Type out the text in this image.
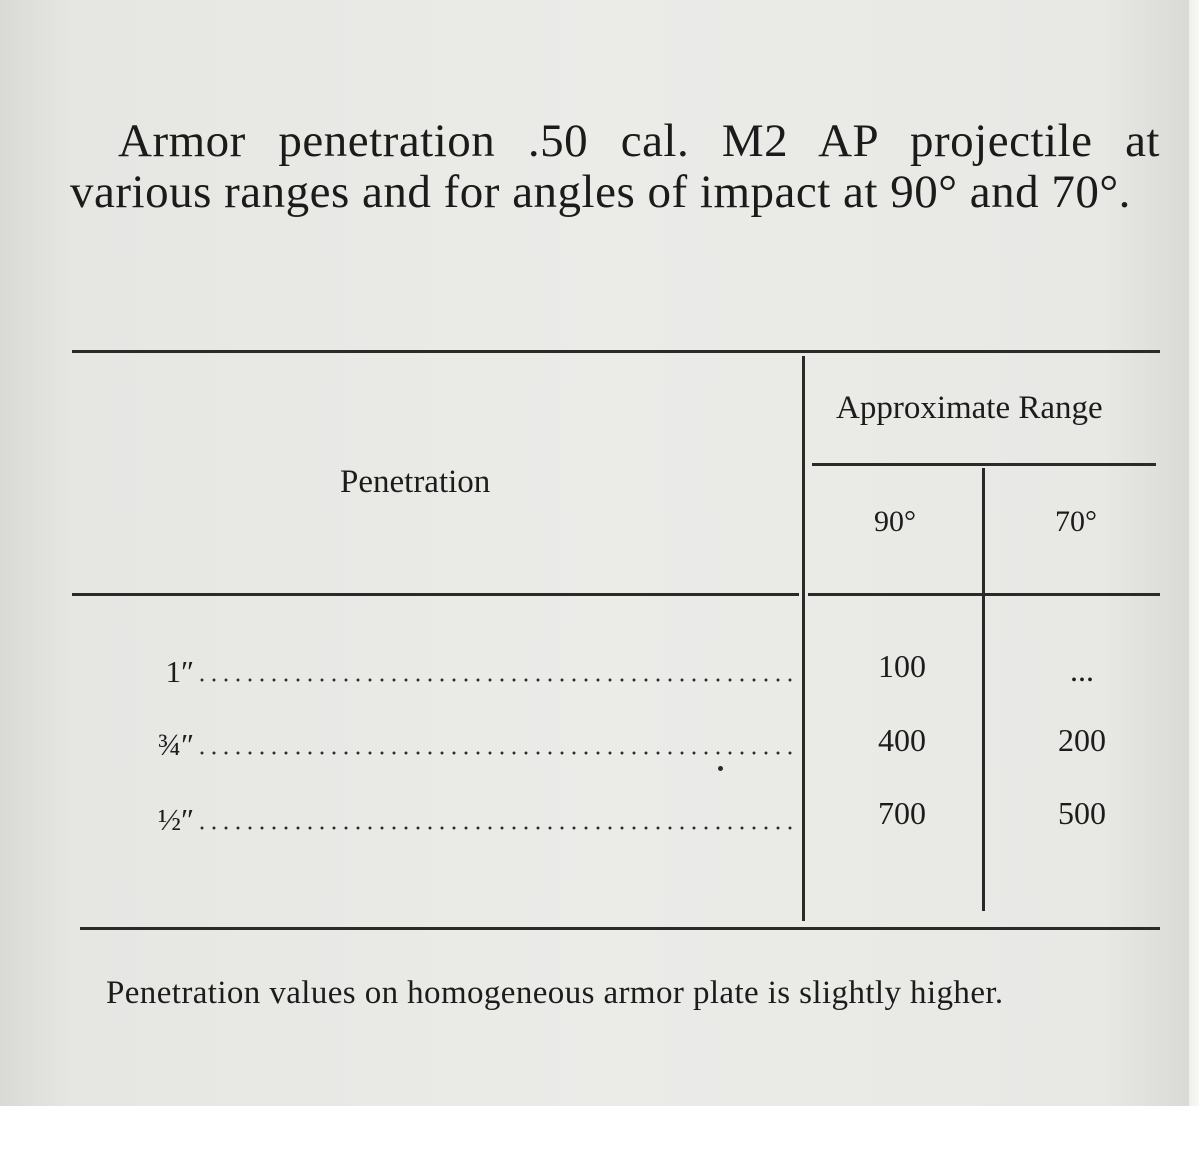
Armor penetration .50 cal. M2 AP projectile at various ranges and for angles of impact at 90° and 70°.

Penetration
Approximate Range
90°	70°
1″	100	...
¾″	400	200
½″	700	500
Penetration values on homogeneous armor plate is slightly higher.
